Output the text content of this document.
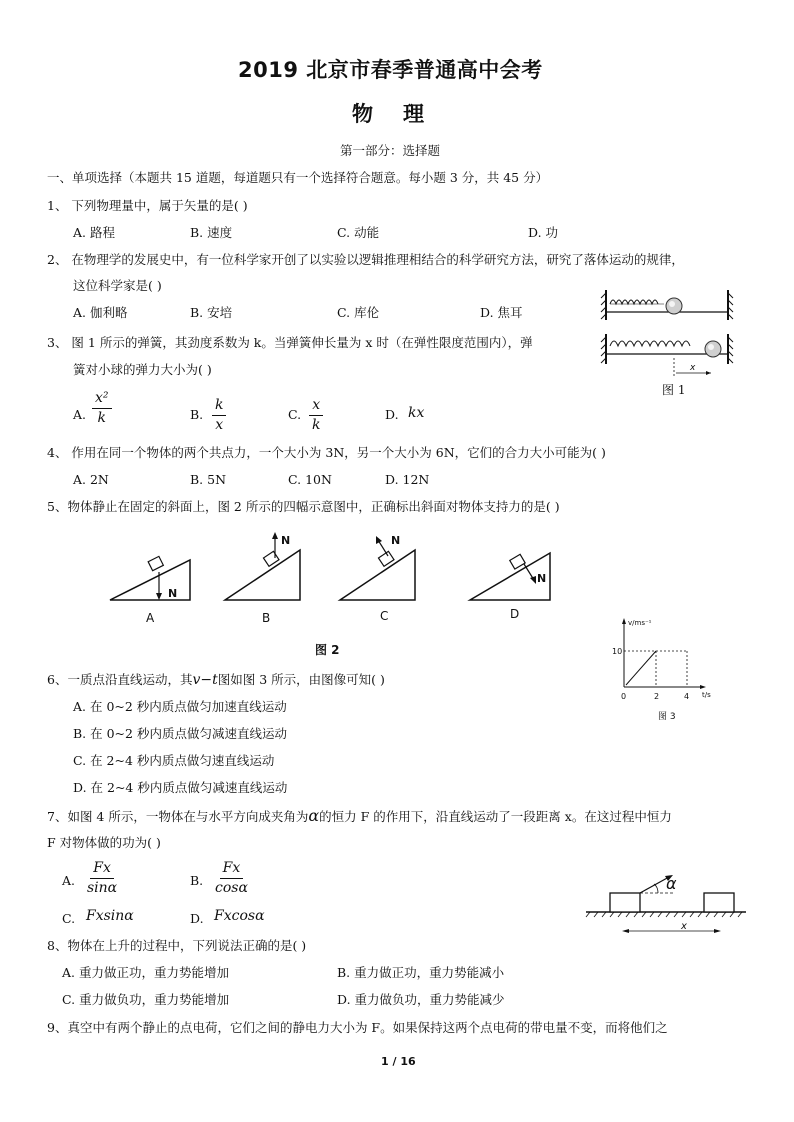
2019 北京市春季普通高中会考
物理
第一部分：选择题
一、单项选择（本题共 15 道题，每道题只有一个选择符合题意。每小题 3 分，共 45 分）
1、 下列物理量中，属于矢量的是( )
A. 路程	B. 速度	C. 动能	D. 功
2、 在物理学的发展史中，有一位科学家开创了以实验以逻辑推理相结合的科学研究方法，研究了落体运动的规律，
这位科学家是( )
A. 伽利略	B. 安培	C. 库伦	D. 焦耳
x
图 1
3、 图 1 所示的弹簧，其劲度系数为 k。当弹簧伸长量为 x 时（在弹性限度范围内），弹
簧对小球的弹力大小为( )
A. $\frac{\text{x²}}{k}$	B. $\frac{k}{x}$	C. $\frac{x}{k}$	D. kx
4、 作用在同一个物体的两个共点力，一个大小为 3N，另一个大小为 6N，它们的合力大小可能为( )
A. 2N	B. 5N	C. 10N	D. 12N
5、物体静止在固定的斜面上，图 2 所示的四幅示意图中，正确标出斜面对物体支持力的是( )
N
A
N
B
N
C
N
D
图 2
v/ms⁻¹
t/s
10
0	2	4
图 3
6、一质点沿直线运动，其v−t图如图 3 所示，由图像可知( )
A. 在 0~2 秒内质点做匀加速直线运动
B. 在 0~2 秒内质点做匀减速直线运动
C. 在 2~4 秒内质点做匀速直线运动
D. 在 2~4 秒内质点做匀减速直线运动
7、如图 4 所示，一物体在与水平方向成夹角为α的恒力 F 的作用下，沿直线运动了一段距离 x。在这过程中恒力
F 对物体做的功为( )
A. $\frac{Fx}{\sin\alpha}$	B. $\frac{Fx}{\cos\alpha}$
C. Fxsinα	D. Fxcosα
α
x
8、物体在上升的过程中，下列说法正确的是( )
A. 重力做正功，重力势能增加	B. 重力做正功，重力势能减小
C. 重力做负功，重力势能增加	D. 重力做负功，重力势能减少
9、真空中有两个静止的点电荷，它们之间的静电力大小为 F。如果保持这两个点电荷的带电量不变，而将他们之
1 / 16
